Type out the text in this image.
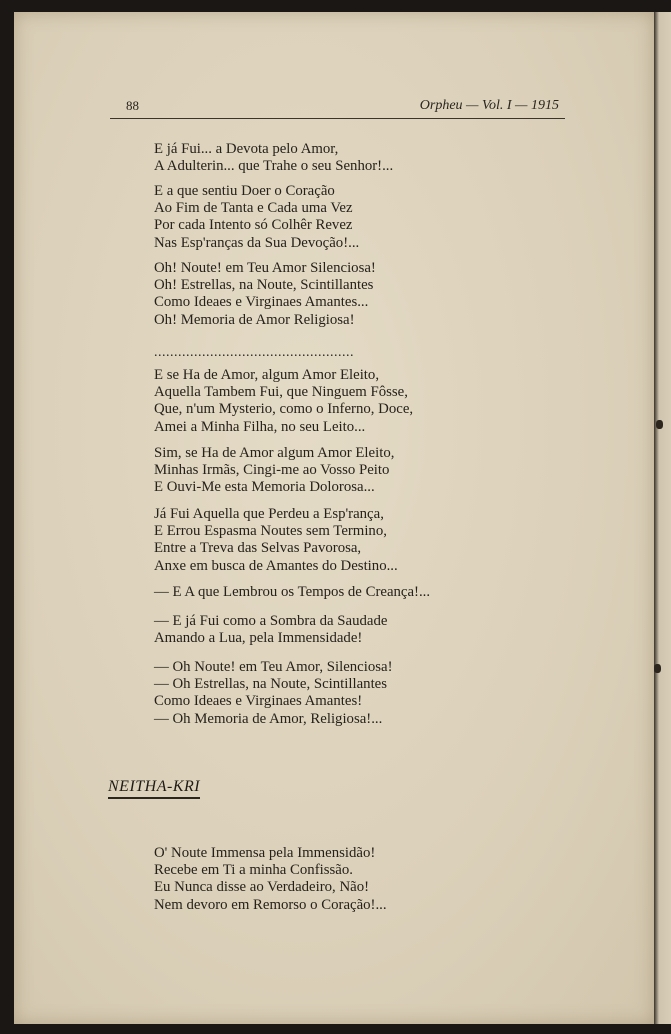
88	Orpheu — Vol. I — 1915
E já Fui... a Devota pelo Amor,
A Adulterin... que Trahe o seu Senhor!...
E a que sentiu Doer o Coração
Ao Fim de Tanta e Cada uma Vez
Por cada Intento só Colhêr Revez
Nas Esp'ranças da Sua Devoção!...
Oh! Noute! em Teu Amor Silenciosa!
Oh! Estrellas, na Noute, Scintillantes
Como Ideaes e Virginaes Amantes...
Oh! Memoria de Amor Religiosa!
..................................................
E se Ha de Amor, algum Amor Eleito,
Aquella Tambem Fui, que Ninguem Fôsse,
Que, n'um Mysterio, como o Inferno, Doce,
Amei a Minha Filha, no seu Leito...
Sim, se Ha de Amor algum Amor Eleito,
Minhas Irmãs, Cingi-me ao Vosso Peito
E Ouvi-Me esta Memoria Dolorosa...
Já Fui Aquella que Perdeu a Esp'rança,
E Errou Espasma Noutes sem Termino,
Entre a Treva das Selvas Pavorosa,
Anxe em busca de Amantes do Destino...
— E A que Lembrou os Tempos de Creança!...
— E já Fui como a Sombra da Saudade
Amando a Lua, pela Immensidade!
— Oh Noute! em Teu Amor, Silenciosa!
— Oh Estrellas, na Noute, Scintillantes
Como Ideaes e Virginaes Amantes!
— Oh Memoria de Amor, Religiosa!...
NEITHA-KRI
O' Noute Immensa pela Immensidão!
Recebe em Ti a minha Confissão.
Eu Nunca disse ao Verdadeiro, Não!
Nem devoro em Remorso o Coração!...
